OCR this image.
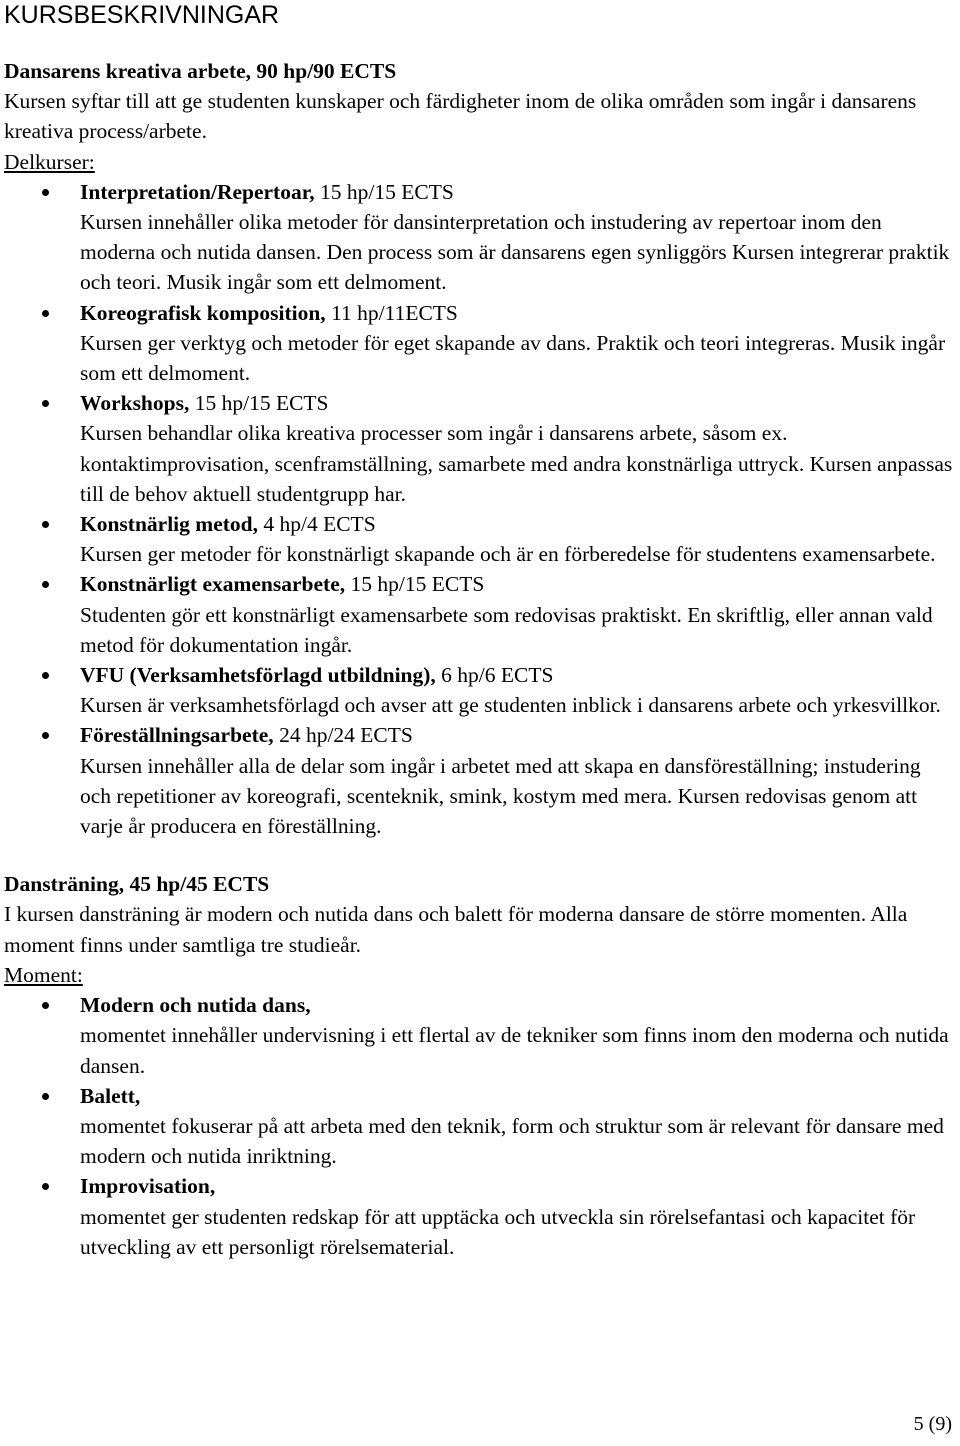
KURSBESKRIVNINGAR

Dansarens kreativa arbete, 90 hp/90 ECTS

Kursen syftar till att ge studenten kunskaper och färdigheter inom de olika områden som ingår i dansarens kreativa process/arbete.

Delkurser:

Interpretation/Repertoar, 15 hp/15 ECTS
Kursen innehåller olika metoder för dansinterpretation och instudering av repertoar inom den moderna och nutida dansen. Den process som är dansarens egen synliggörs Kursen integrerar praktik och teori. Musik ingår som ett delmoment.
Koreografisk komposition, 11 hp/11ECTS
Kursen ger verktyg och metoder för eget skapande av dans. Praktik och teori integreras. Musik ingår som ett delmoment.
Workshops, 15 hp/15 ECTS
Kursen behandlar olika kreativa processer som ingår i dansarens arbete, såsom ex. kontaktimprovisation, scenframställning, samarbete med andra konstnärliga uttryck. Kursen anpassas till de behov aktuell studentgrupp har.
Konstnärlig metod, 4 hp/4 ECTS
Kursen ger metoder för konstnärligt skapande och är en förberedelse för studentens examensarbete.
Konstnärligt examensarbete, 15 hp/15 ECTS
Studenten gör ett konstnärligt examensarbete som redovisas praktiskt. En skriftlig, eller annan vald metod för dokumentation ingår.
VFU (Verksamhetsförlagd utbildning), 6 hp/6 ECTS
Kursen är verksamhetsförlagd och avser att ge studenten inblick i dansarens arbete och yrkesvillkor.
Föreställningsarbete, 24 hp/24 ECTS
Kursen innehåller alla de delar som ingår i arbetet med att skapa en dansföreställning; instudering och repetitioner av koreografi, scenteknik, smink, kostym med mera. Kursen redovisas genom att varje år producera en föreställning.

Dansträning, 45 hp/45 ECTS

I kursen dansträning är modern och nutida dans och balett för moderna dansare de större momenten. Alla moment finns under samtliga tre studieår.

Moment:

Modern och nutida dans,
momentet innehåller undervisning i ett flertal av de tekniker som finns inom den moderna och nutida dansen.
Balett,
momentet fokuserar på att arbeta med den teknik, form och struktur som är relevant för dansare med modern och nutida inriktning.
Improvisation,
momentet ger studenten redskap för att upptäcka och utveckla sin rörelsefantasi och kapacitet för utveckling av ett personligt rörelsematerial.
5 (9)
